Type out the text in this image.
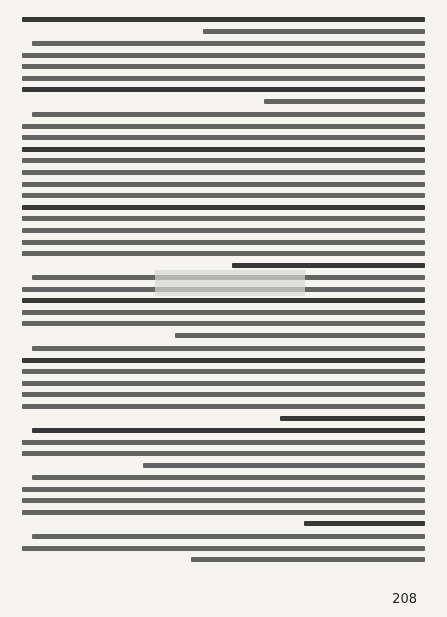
208
